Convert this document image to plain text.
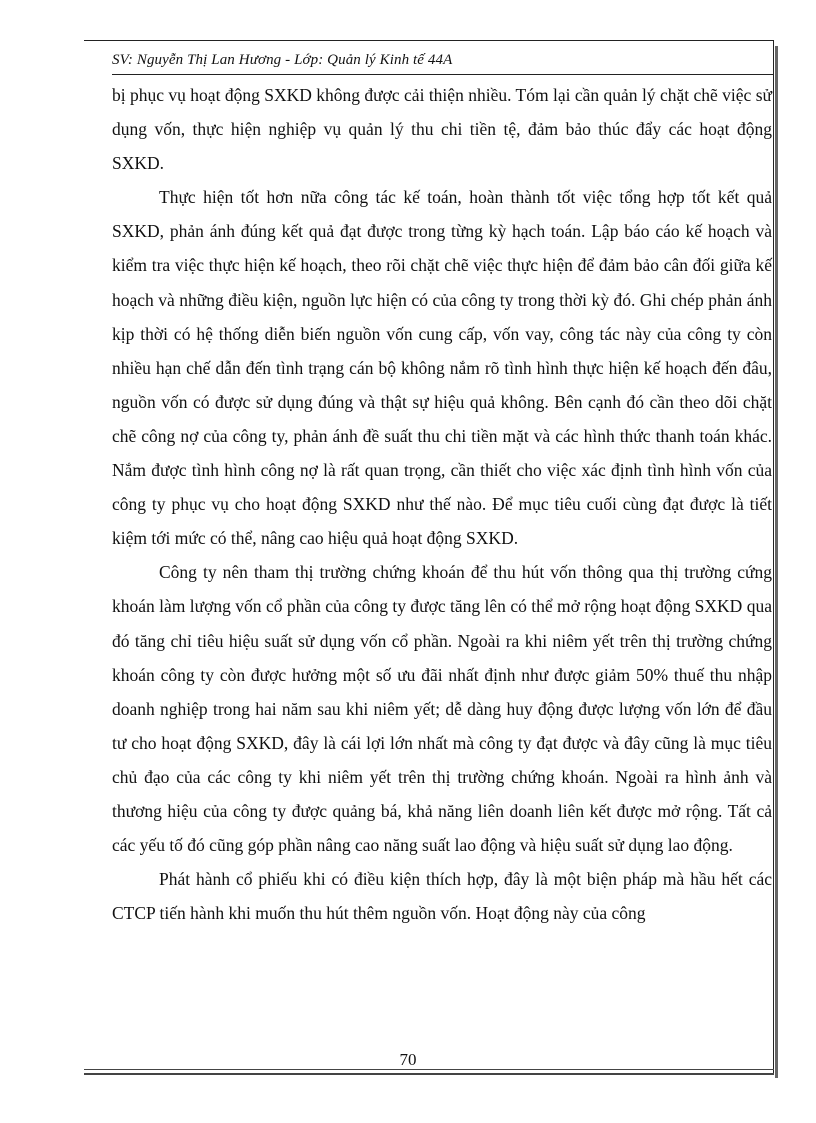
SV: Nguyễn Thị Lan Hương - Lớp: Quản lý Kinh tế 44A

bị phục vụ hoạt động SXKD không được cải thiện nhiều. Tóm lại cần quản lý chặt chẽ việc sử dụng vốn, thực hiện nghiệp vụ quản lý thu chi tiền tệ, đảm bảo thúc đẩy các hoạt động SXKD.

Thực hiện tốt hơn nữa công tác kế toán, hoàn thành tốt việc tổng hợp tốt kết quả SXKD, phản ánh đúng kết quả đạt được trong từng kỳ hạch toán. Lập báo cáo kế hoạch và kiểm tra việc thực hiện kế hoạch, theo rõi chặt chẽ việc thực hiện để đảm bảo cân đối giữa kế hoạch và những điều kiện, nguồn lực hiện có của công ty trong thời kỳ đó. Ghi chép phản ánh kịp thời có hệ thống diễn biến nguồn vốn cung cấp, vốn vay, công tác này của công ty còn nhiều hạn chế dẫn đến tình trạng cán bộ không nắm rõ tình hình thực hiện kế hoạch đến đâu, nguồn vốn có được sử dụng đúng và thật sự hiệu quả không. Bên cạnh đó cần theo dõi chặt chẽ công nợ của công ty, phản ánh đề suất thu chi tiền mặt và các hình thức thanh toán khác. Nắm được tình hình công nợ là rất quan trọng, cần thiết cho việc xác định tình hình vốn của công ty phục vụ cho hoạt động SXKD như thế nào. Để mục tiêu cuối cùng đạt được là tiết kiệm tới mức có thể, nâng cao hiệu quả hoạt động SXKD.

Công ty nên tham thị trường chứng khoán để thu hút vốn thông qua thị trường cứng khoán làm lượng vốn cổ phần của công ty được tăng lên có thể mở rộng hoạt động SXKD qua đó tăng chỉ tiêu hiệu suất sử dụng vốn cổ phần. Ngoài ra khi niêm yết trên thị trường chứng khoán công ty còn được hưởng một số ưu đãi nhất định như được giảm 50% thuế thu nhập doanh nghiệp trong hai năm sau khi niêm yết; dễ dàng huy động được lượng vốn lớn để đầu tư cho hoạt động SXKD, đây là cái lợi lớn nhất mà công ty đạt được và đây cũng là mục tiêu chủ đạo của các công ty khi niêm yết trên thị trường chứng khoán. Ngoài ra hình ảnh và thương hiệu của công ty được quảng bá, khả năng liên doanh liên kết được mở rộng. Tất cả các yếu tố đó cũng góp phần nâng cao năng suất lao động và hiệu suất sử dụng lao động.

Phát hành cổ phiếu khi có điều kiện thích hợp, đây là một biện pháp mà hầu hết các CTCP tiến hành khi muốn thu hút thêm nguồn vốn. Hoạt động này của công

70
